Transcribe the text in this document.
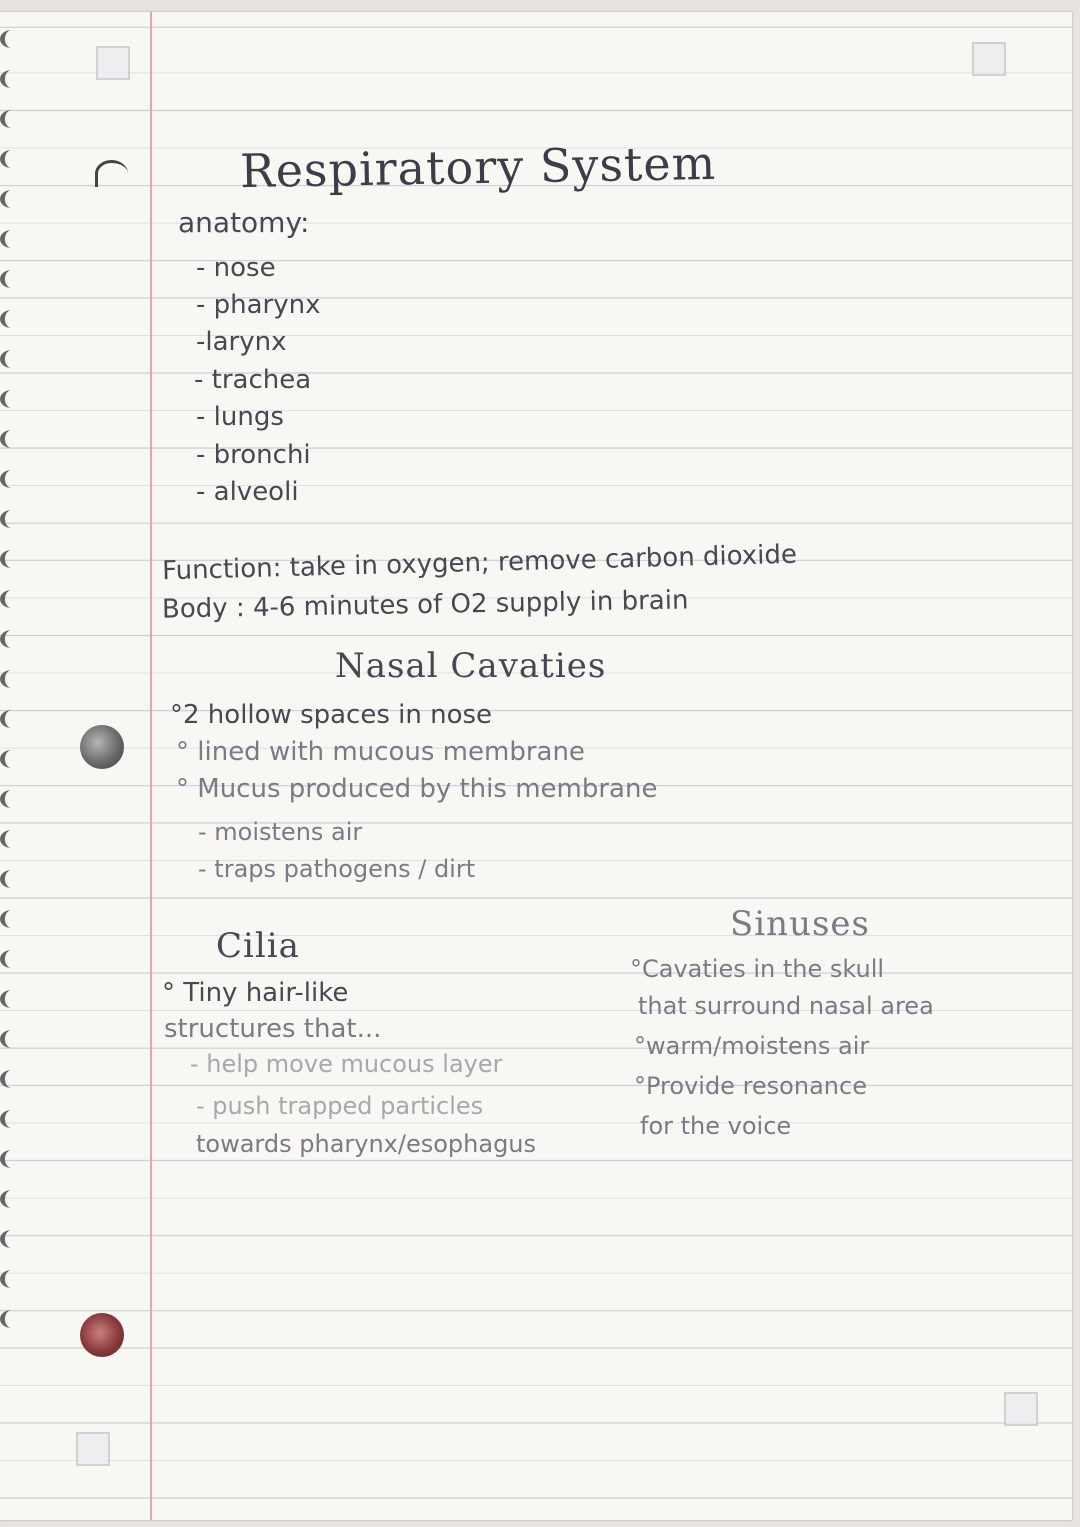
Respiratory System
anatomy:
- nose
- pharynx
-larynx
- trachea
- lungs
- bronchi
- alveoli
Function: take in oxygen; remove carbon dioxide
Body : 4-6 minutes of O2 supply in brain
Nasal Cavaties
°2 hollow spaces in nose
° lined with mucous membrane
° Mucus produced by this membrane
- moistens air
- traps pathogens / dirt
Cilia
° Tiny hair-like
structures that...
- help move mucous layer
- push trapped particles
towards pharynx/esophagus
Sinuses
°Cavaties in the skull
that surround nasal area
°warm/moistens air
°Provide resonance
for the voice
